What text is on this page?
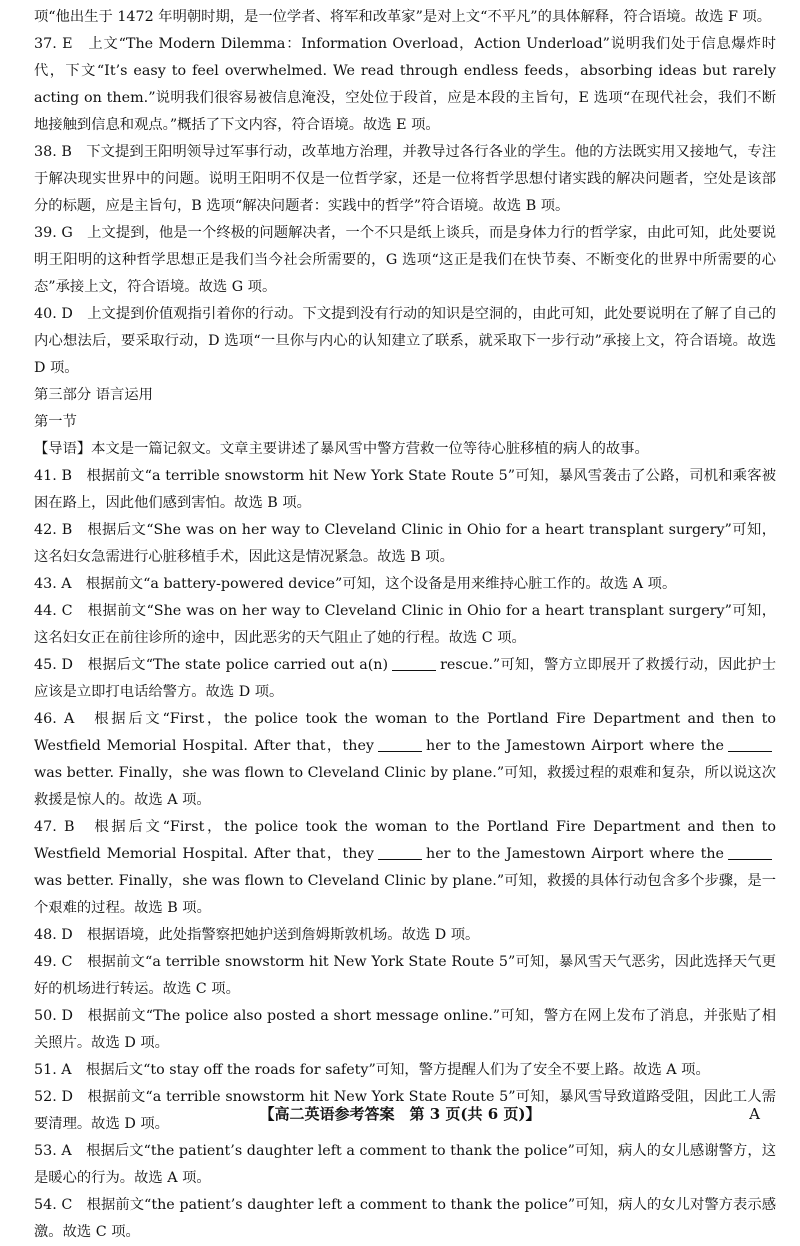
项“他出生于 1472 年明朝时期，是一位学者、将军和改革家”是对上文“不平凡”的具体解释，符合语境。故选 F 项。

37. E　上文“The Modern Dilemma：Information Overload，Action Underload”说明我们处于信息爆炸时代，下文“It’s easy to feel overwhelmed. We read through endless feeds，absorbing ideas but rarely acting on them.”说明我们很容易被信息淹没，空处位于段首，应是本段的主旨句，E 选项“在现代社会，我们不断地接触到信息和观点。”概括了下文内容，符合语境。故选 E 项。

38. B　下文提到王阳明领导过军事行动，改革地方治理，并教导过各行各业的学生。他的方法既实用又接地气，专注于解决现实世界中的问题。说明王阳明不仅是一位哲学家，还是一位将哲学思想付诸实践的解决问题者，空处是该部分的标题，应是主旨句，B 选项“解决问题者：实践中的哲学”符合语境。故选 B 项。

39. G　上文提到，他是一个终极的问题解决者，一个不只是纸上谈兵，而是身体力行的哲学家，由此可知，此处要说明王阳明的这种哲学思想正是我们当今社会所需要的，G 选项“这正是我们在快节奏、不断变化的世界中所需要的心态”承接上文，符合语境。故选 G 项。

40. D　上文提到价值观指引着你的行动。下文提到没有行动的知识是空洞的，由此可知，此处要说明在了解了自己的内心想法后，要采取行动，D 选项“一旦你与内心的认知建立了联系，就采取下一步行动”承接上文，符合语境。故选 D 项。

第三部分 语言运用

第一节

【导语】本文是一篇记叙文。文章主要讲述了暴风雪中警方营救一位等待心脏移植的病人的故事。

41. B　根据前文“a terrible snowstorm hit New York State Route 5”可知，暴风雪袭击了公路，司机和乘客被困在路上，因此他们感到害怕。故选 B 项。

42. B　根据后文“She was on her way to Cleveland Clinic in Ohio for a heart transplant surgery”可知，这名妇女急需进行心脏移植手术，因此这是情况紧急。故选 B 项。

43. A　根据前文“a battery-powered device”可知，这个设备是用来维持心脏工作的。故选 A 项。

44. C　根据前文“She was on her way to Cleveland Clinic in Ohio for a heart transplant surgery”可知，这名妇女正在前往诊所的途中，因此恶劣的天气阻止了她的行程。故选 C 项。

45. D　根据后文“The state police carried out a(n)	rescue.”可知，警方立即展开了救援行动，因此护士应该是立即打电话给警方。故选 D 项。

46. A　根据后文“First，the police took the woman to the Portland Fire Department and then to Westfield Memorial Hospital. After that，they	her to the Jamestown Airport where thewas better. Finally，she was flown to Cleveland Clinic by plane.”可知，救援过程的艰难和复杂，所以说这次救援是惊人的。故选 A 项。

47. B　根据后文“First，the police took the woman to the Portland Fire Department and then to Westfield Memorial Hospital. After that，they	her to the Jamestown Airport where thewas better. Finally，she was flown to Cleveland Clinic by plane.”可知，救援的具体行动包含多个步骤，是一个艰难的过程。故选 B 项。

48. D　根据语境，此处指警察把她护送到詹姆斯敦机场。故选 D 项。

49. C　根据前文“a terrible snowstorm hit New York State Route 5”可知，暴风雪天气恶劣，因此选择天气更好的机场进行转运。故选 C 项。

50. D　根据前文“The police also posted a short message online.”可知，警方在网上发布了消息，并张贴了相关照片。故选 D 项。

51. A　根据后文“to stay off the roads for safety”可知，警方提醒人们为了安全不要上路。故选 A 项。

52. D　根据前文“a terrible snowstorm hit New York State Route 5”可知，暴风雪导致道路受阻，因此工人需要清理。故选 D 项。

53. A　根据后文“the patient’s daughter left a comment to thank the police”可知，病人的女儿感谢警方，这是暖心的行为。故选 A 项。

54. C　根据前文“the patient’s daughter left a comment to thank the police”可知，病人的女儿对警方表示感激。故选 C 项。

【高二英语参考答案　第 3 页(共 6 页)】	A
